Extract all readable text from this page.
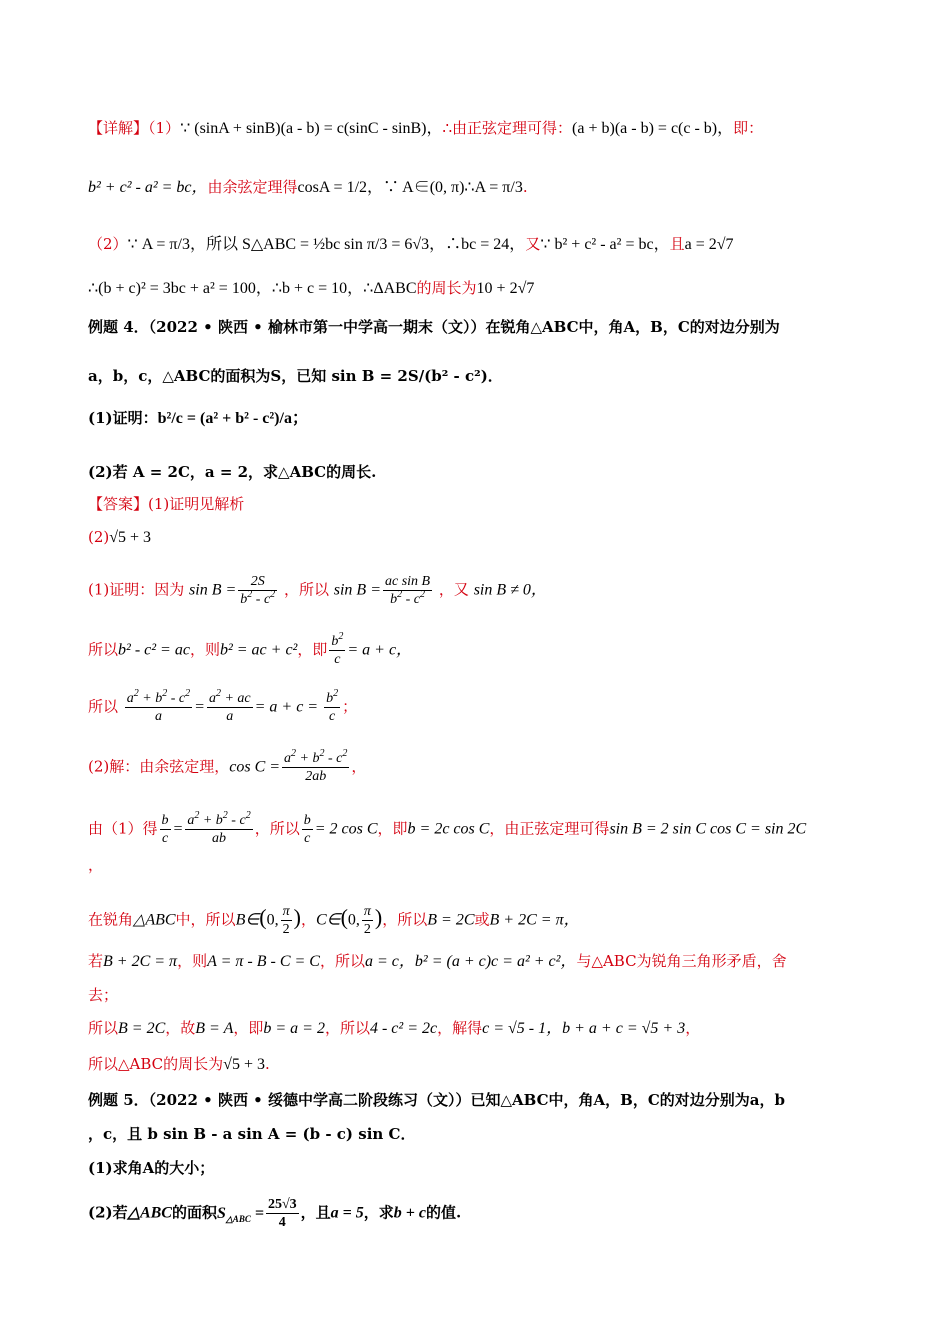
【详解】（1）∵ (sinA + sinB)(a - b) = c(sinC - sinB)，∴由正弦定理可得：(a + b)(a - b) = c(c - b)，即：
b² + c² - a² = bc，由余弦定理得cosA = 1/2，∵ A∈(0, π)∴A = π/3.
（2）∵ A = π/3，所以 S△ABC = ½bc sin π/3 = 6√3，∴bc = 24，又∵ b² + c² - a² = bc，且a = 2√7
∴(b + c)² = 3bc + a² = 100，∴b + c = 10，∴ΔABC的周长为10 + 2√7
例题 4．（2022 • 陕西 • 榆林市第一中学高一期末（文））在锐角△ABC中，角A，B，C的对边分别为
a，b，c，△ABC的面积为S，已知 sin B = 2S/(b² - c²)．
(1)证明：b²/c = (a² + b² - c²)/a；
(2)若 A = 2C，a = 2，求△ABC的周长.
【答案】(1)证明见解析
(2)√5 + 3
(1)证明：因为 $\sin B = \frac{2S}{b^2 - c^2}$ ，所以 $\sin B = \frac{\text{ac sin B}}{b^2 - c^2}$ ，又 sin B ≠ 0，
所以b² - c² = ac，则b² = ac + c²，即 $\frac{b^2}{c} = a + c$，
所以 $\frac{a^2 + b^2 - c^2}{a} = \frac{a^2 + ac}{a} = a + c = \frac{b^2}{c}$ ；
(2)解：由余弦定理，$\cos C = \frac{a^2 + b^2 - c^2}{2ab}$ ，
由（1）得 $\frac{b}{c} = \frac{a^2 + b^2 - c^2}{ab}$ ，所以 $\frac{b}{c} = 2$ cos C，即b = 2c cos C，由正弦定理可得sin B = 2 sin C cos C = sin 2C
，
在锐角△ABC中，所以B∈(0, $\frac{\pi}{2}$ )，C∈(0, $\frac{\pi}{2}$ )，所以B = 2C或B + 2C = π，
若B + 2C = π，则A = π - B - C = C，所以a = c，b² = (a + c)c = a² + c²，与△ABC为锐角三角形矛盾，舍
去；
所以B = 2C，故B = A，即b = a = 2，所以4 - c² = 2c，解得c = √5 - 1，b + a + c = √5 + 3，
所以△ABC的周长为√5 + 3.
例题 5．（2022 • 陕西 • 绥德中学高二阶段练习（文））已知△ABC中，角A，B，C的对边分别为a，b
，c，且 b sin B - a sin A = (b - c) sin C．
(1)求角A的大小；
(2)若△ABC的面积$S_{\triangle ABC} = \frac{25√3}{4}$ ，且a = 5，求b + c的值.
